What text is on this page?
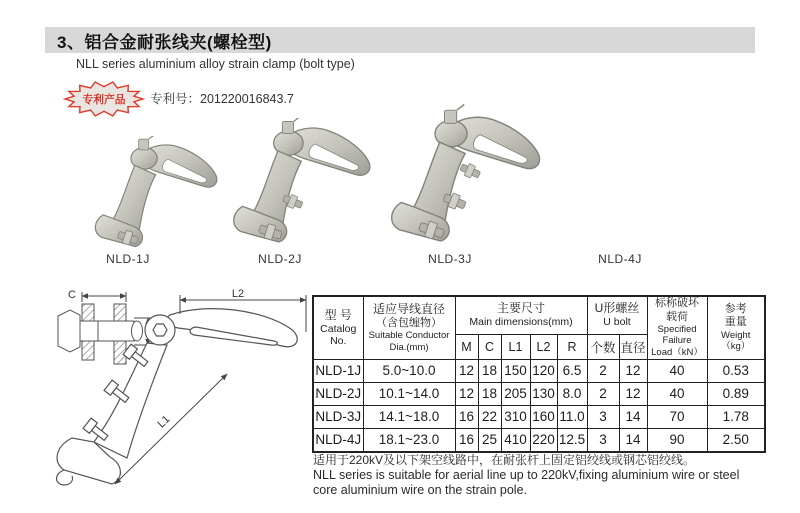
3、铝合金耐张线夹(螺栓型)
NLL series aluminium alloy strain clamp (bolt type)
专利产品 专利号：201220016843.7
NLD-1J	NLD-2J	NLD-3J	NLD-4J
C	L2
L1
型 号
Catalog
No.

适应导线直径
（含包缠物）
Suitable Conductor
Dia.(mm)

主要尺寸
Main dimensions(mm)

U形螺丝
U bolt

标称破坏
载荷
Specified
Failure
Load（kN）

参考
重量
Weight
（kg）

		M	C	L1	L2	R	个数	直径		
NLD-1J	5.0~10.0	12	18	150	120	6.5	2	12	40	0.53
NLD-2J	10.1~14.0	12	18	205	130	8.0	2	12	40	0.89
NLD-3J	14.1~18.0	16	22	310	160	11.0	3	14	70	1.78
NLD-4J	18.1~23.0	16	25	410	220	12.5	3	14	90	2.50
适用于220kV及以下架空线路中，在耐张杆上固定铝绞线或钢芯铝绞线。
NLL series is suitable for aerial line up to 220kV,fixing aluminium wire or steel core aluminium wire on the strain pole.
